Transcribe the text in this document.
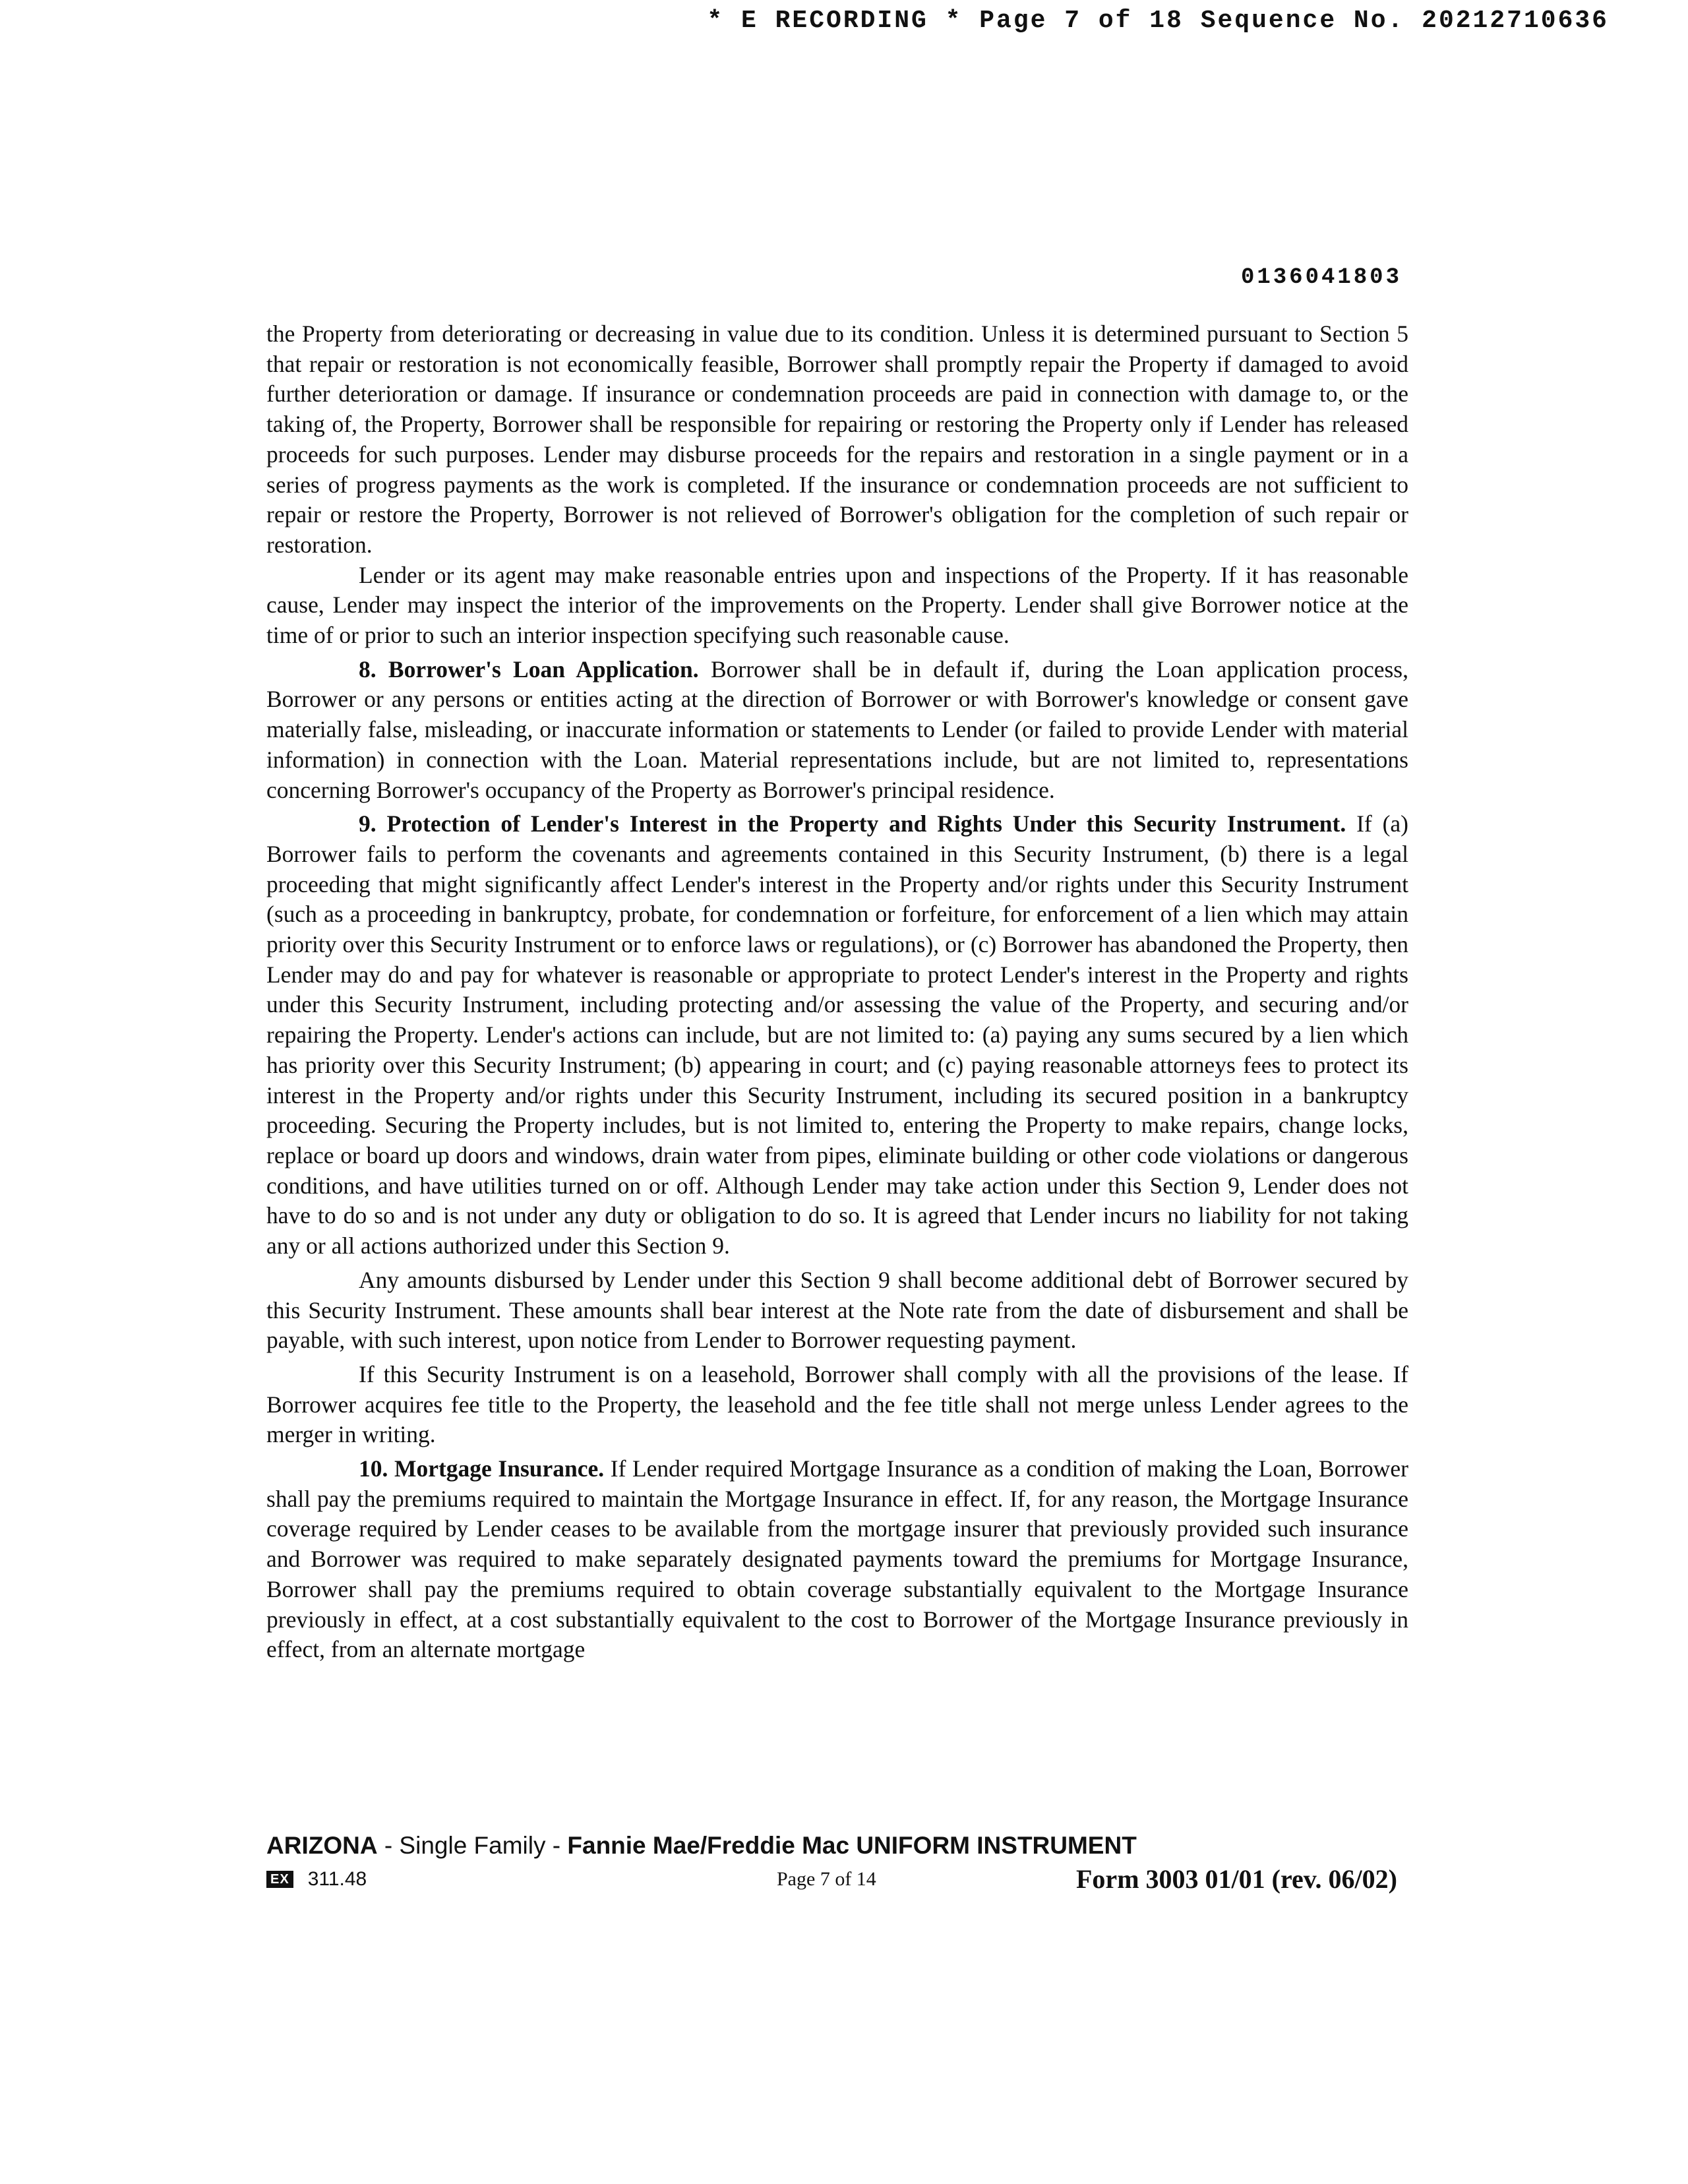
* E RECORDING * Page 7 of 18 Sequence No. 20212710636
0136041803

the Property from deteriorating or decreasing in value due to its condition. Unless it is determined pursuant to Section 5 that repair or restoration is not economically feasible, Borrower shall promptly repair the Property if damaged to avoid further deterioration or damage. If insurance or condemnation proceeds are paid in connection with damage to, or the taking of, the Property, Borrower shall be responsible for repairing or restoring the Property only if Lender has released proceeds for such purposes. Lender may disburse proceeds for the repairs and restoration in a single payment or in a series of progress payments as the work is completed. If the insurance or condemnation proceeds are not sufficient to repair or restore the Property, Borrower is not relieved of Borrower's obligation for the completion of such repair or restoration.

Lender or its agent may make reasonable entries upon and inspections of the Property. If it has reasonable cause, Lender may inspect the interior of the improvements on the Property. Lender shall give Borrower notice at the time of or prior to such an interior inspection specifying such reasonable cause.

8. Borrower's Loan Application. Borrower shall be in default if, during the Loan application process, Borrower or any persons or entities acting at the direction of Borrower or with Borrower's knowledge or consent gave materially false, misleading, or inaccurate information or statements to Lender (or failed to provide Lender with material information) in connection with the Loan. Material representations include, but are not limited to, representations concerning Borrower's occupancy of the Property as Borrower's principal residence.

9. Protection of Lender's Interest in the Property and Rights Under this Security Instrument. If (a) Borrower fails to perform the covenants and agreements contained in this Security Instrument, (b) there is a legal proceeding that might significantly affect Lender's interest in the Property and/or rights under this Security Instrument (such as a proceeding in bankruptcy, probate, for condemnation or forfeiture, for enforcement of a lien which may attain priority over this Security Instrument or to enforce laws or regulations), or (c) Borrower has abandoned the Property, then Lender may do and pay for whatever is reasonable or appropriate to protect Lender's interest in the Property and rights under this Security Instrument, including protecting and/or assessing the value of the Property, and securing and/or repairing the Property. Lender's actions can include, but are not limited to: (a) paying any sums secured by a lien which has priority over this Security Instrument; (b) appearing in court; and (c) paying reasonable attorneys fees to protect its interest in the Property and/or rights under this Security Instrument, including its secured position in a bankruptcy proceeding. Securing the Property includes, but is not limited to, entering the Property to make repairs, change locks, replace or board up doors and windows, drain water from pipes, eliminate building or other code violations or dangerous conditions, and have utilities turned on or off. Although Lender may take action under this Section 9, Lender does not have to do so and is not under any duty or obligation to do so. It is agreed that Lender incurs no liability for not taking any or all actions authorized under this Section 9.

Any amounts disbursed by Lender under this Section 9 shall become additional debt of Borrower secured by this Security Instrument. These amounts shall bear interest at the Note rate from the date of disbursement and shall be payable, with such interest, upon notice from Lender to Borrower requesting payment.

If this Security Instrument is on a leasehold, Borrower shall comply with all the provisions of the lease. If Borrower acquires fee title to the Property, the leasehold and the fee title shall not merge unless Lender agrees to the merger in writing.

10. Mortgage Insurance. If Lender required Mortgage Insurance as a condition of making the Loan, Borrower shall pay the premiums required to maintain the Mortgage Insurance in effect. If, for any reason, the Mortgage Insurance coverage required by Lender ceases to be available from the mortgage insurer that previously provided such insurance and Borrower was required to make separately designated payments toward the premiums for Mortgage Insurance, Borrower shall pay the premiums required to obtain coverage substantially equivalent to the Mortgage Insurance previously in effect, at a cost substantially equivalent to the cost to Borrower of the Mortgage Insurance previously in effect, from an alternate mortgage

ARIZONA - Single Family - Fannie Mae/Freddie Mac UNIFORM INSTRUMENT
EX 311.48	Page 7 of 14	Form 3003 01/01 (rev. 06/02)
